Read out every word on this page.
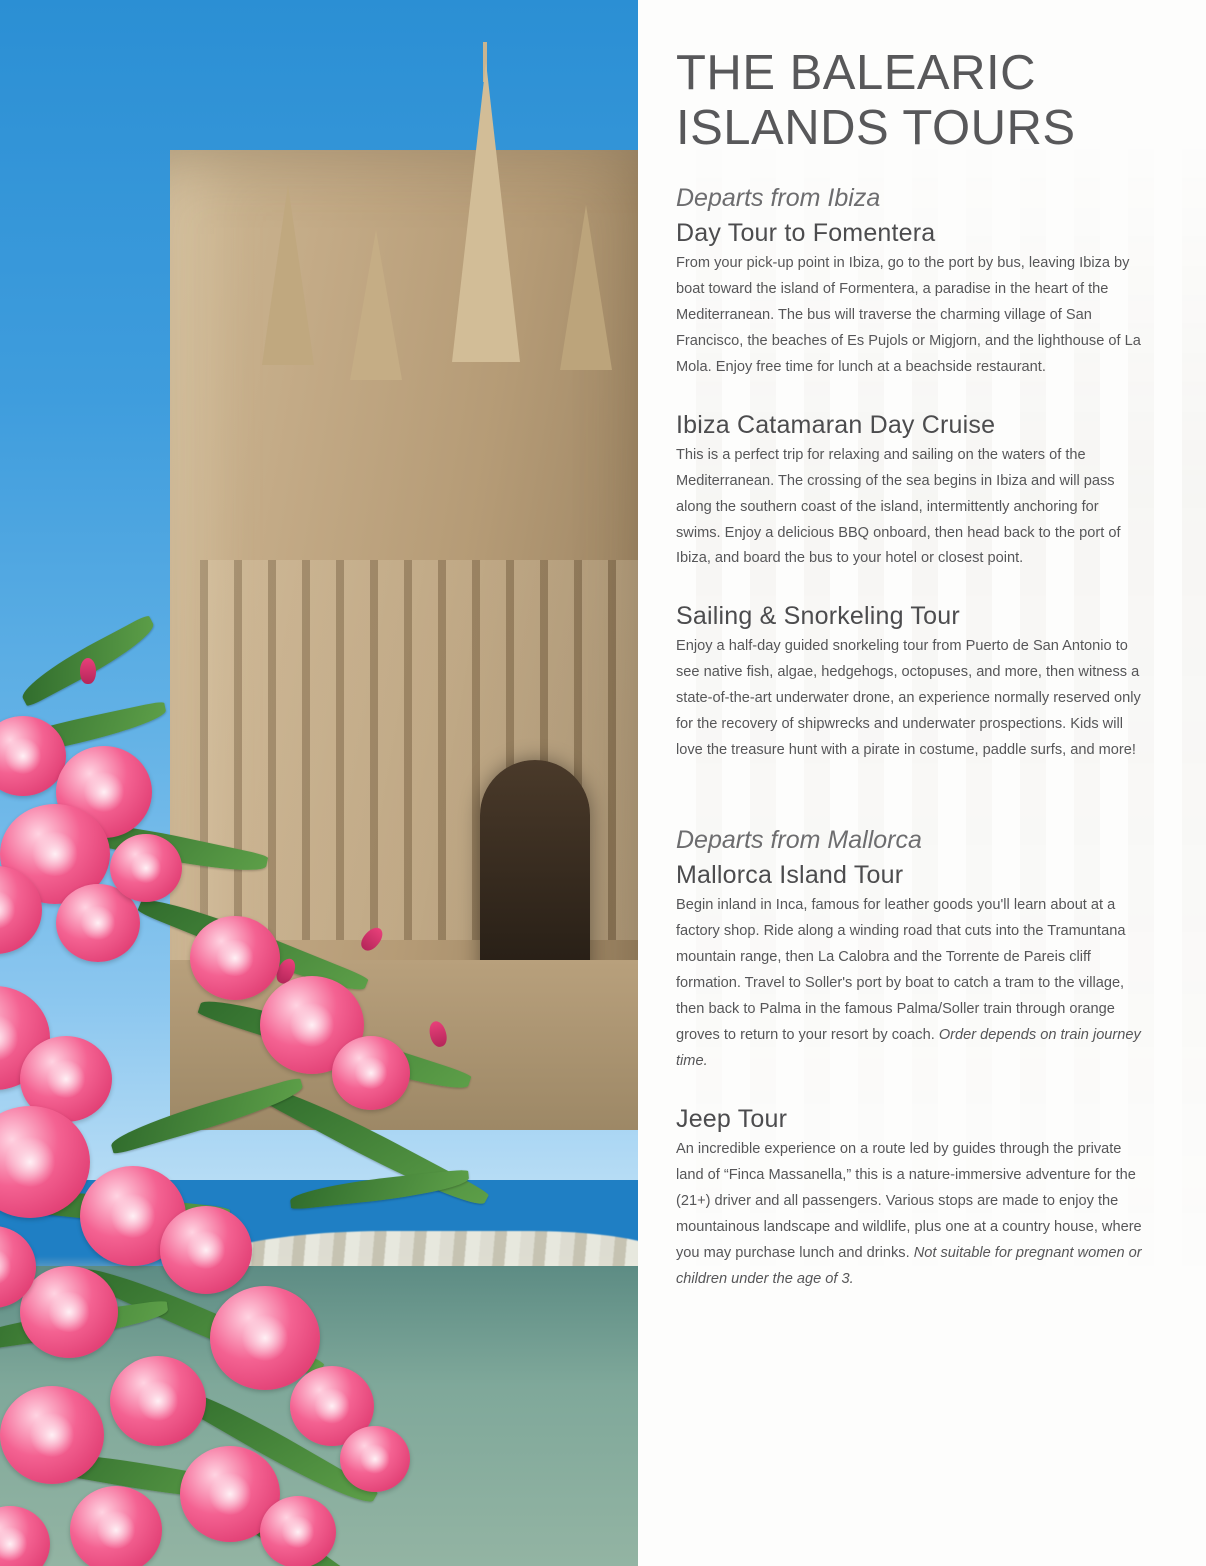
THE BALEARIC ISLANDS TOURS
Departs from Ibiza
Day Tour to Fomentera

From your pick-up point in Ibiza, go to the port by bus, leaving Ibiza by boat toward the island of Formentera, a paradise in the heart of the Mediterranean. The bus will traverse the charming village of San Francisco, the beaches of Es Pujols or Migjorn, and the lighthouse of La Mola. Enjoy free time for lunch at a beachside restaurant.

Ibiza Catamaran Day Cruise

This is a perfect trip for relaxing and sailing on the waters of the Mediterranean. The crossing of the sea begins in Ibiza and will pass along the southern coast of the island, intermittently anchoring for swims. Enjoy a delicious BBQ onboard, then head back to the port of Ibiza, and board the bus to your hotel or closest point.

Sailing & Snorkeling Tour

Enjoy a half-day guided snorkeling tour from Puerto de San Antonio to see native fish, algae, hedgehogs, octopuses, and more, then witness a state-of-the-art underwater drone, an experience normally reserved only for the recovery of shipwrecks and underwater prospections. Kids will love the treasure hunt with a pirate in costume, paddle surfs, and more!

Departs from Mallorca
Mallorca Island Tour

Begin inland in Inca, famous for leather goods you'll learn about at a factory shop. Ride along a winding road that cuts into the Tramuntana mountain range, then La Calobra and the Torrente de Pareis cliff formation. Travel to Soller's port by boat to catch a tram to the village, then back to Palma in the famous Palma/Soller train through orange groves to return to your resort by coach. Order depends on train journey time.

Jeep Tour

An incredible experience on a route led by guides through the private land of “Finca Massanella,” this is a nature-immersive adventure for the (21+) driver and all passengers. Various stops are made to enjoy the mountainous landscape and wildlife, plus one at a country house, where you may purchase lunch and drinks. Not suitable for pregnant women or children under the age of 3.
